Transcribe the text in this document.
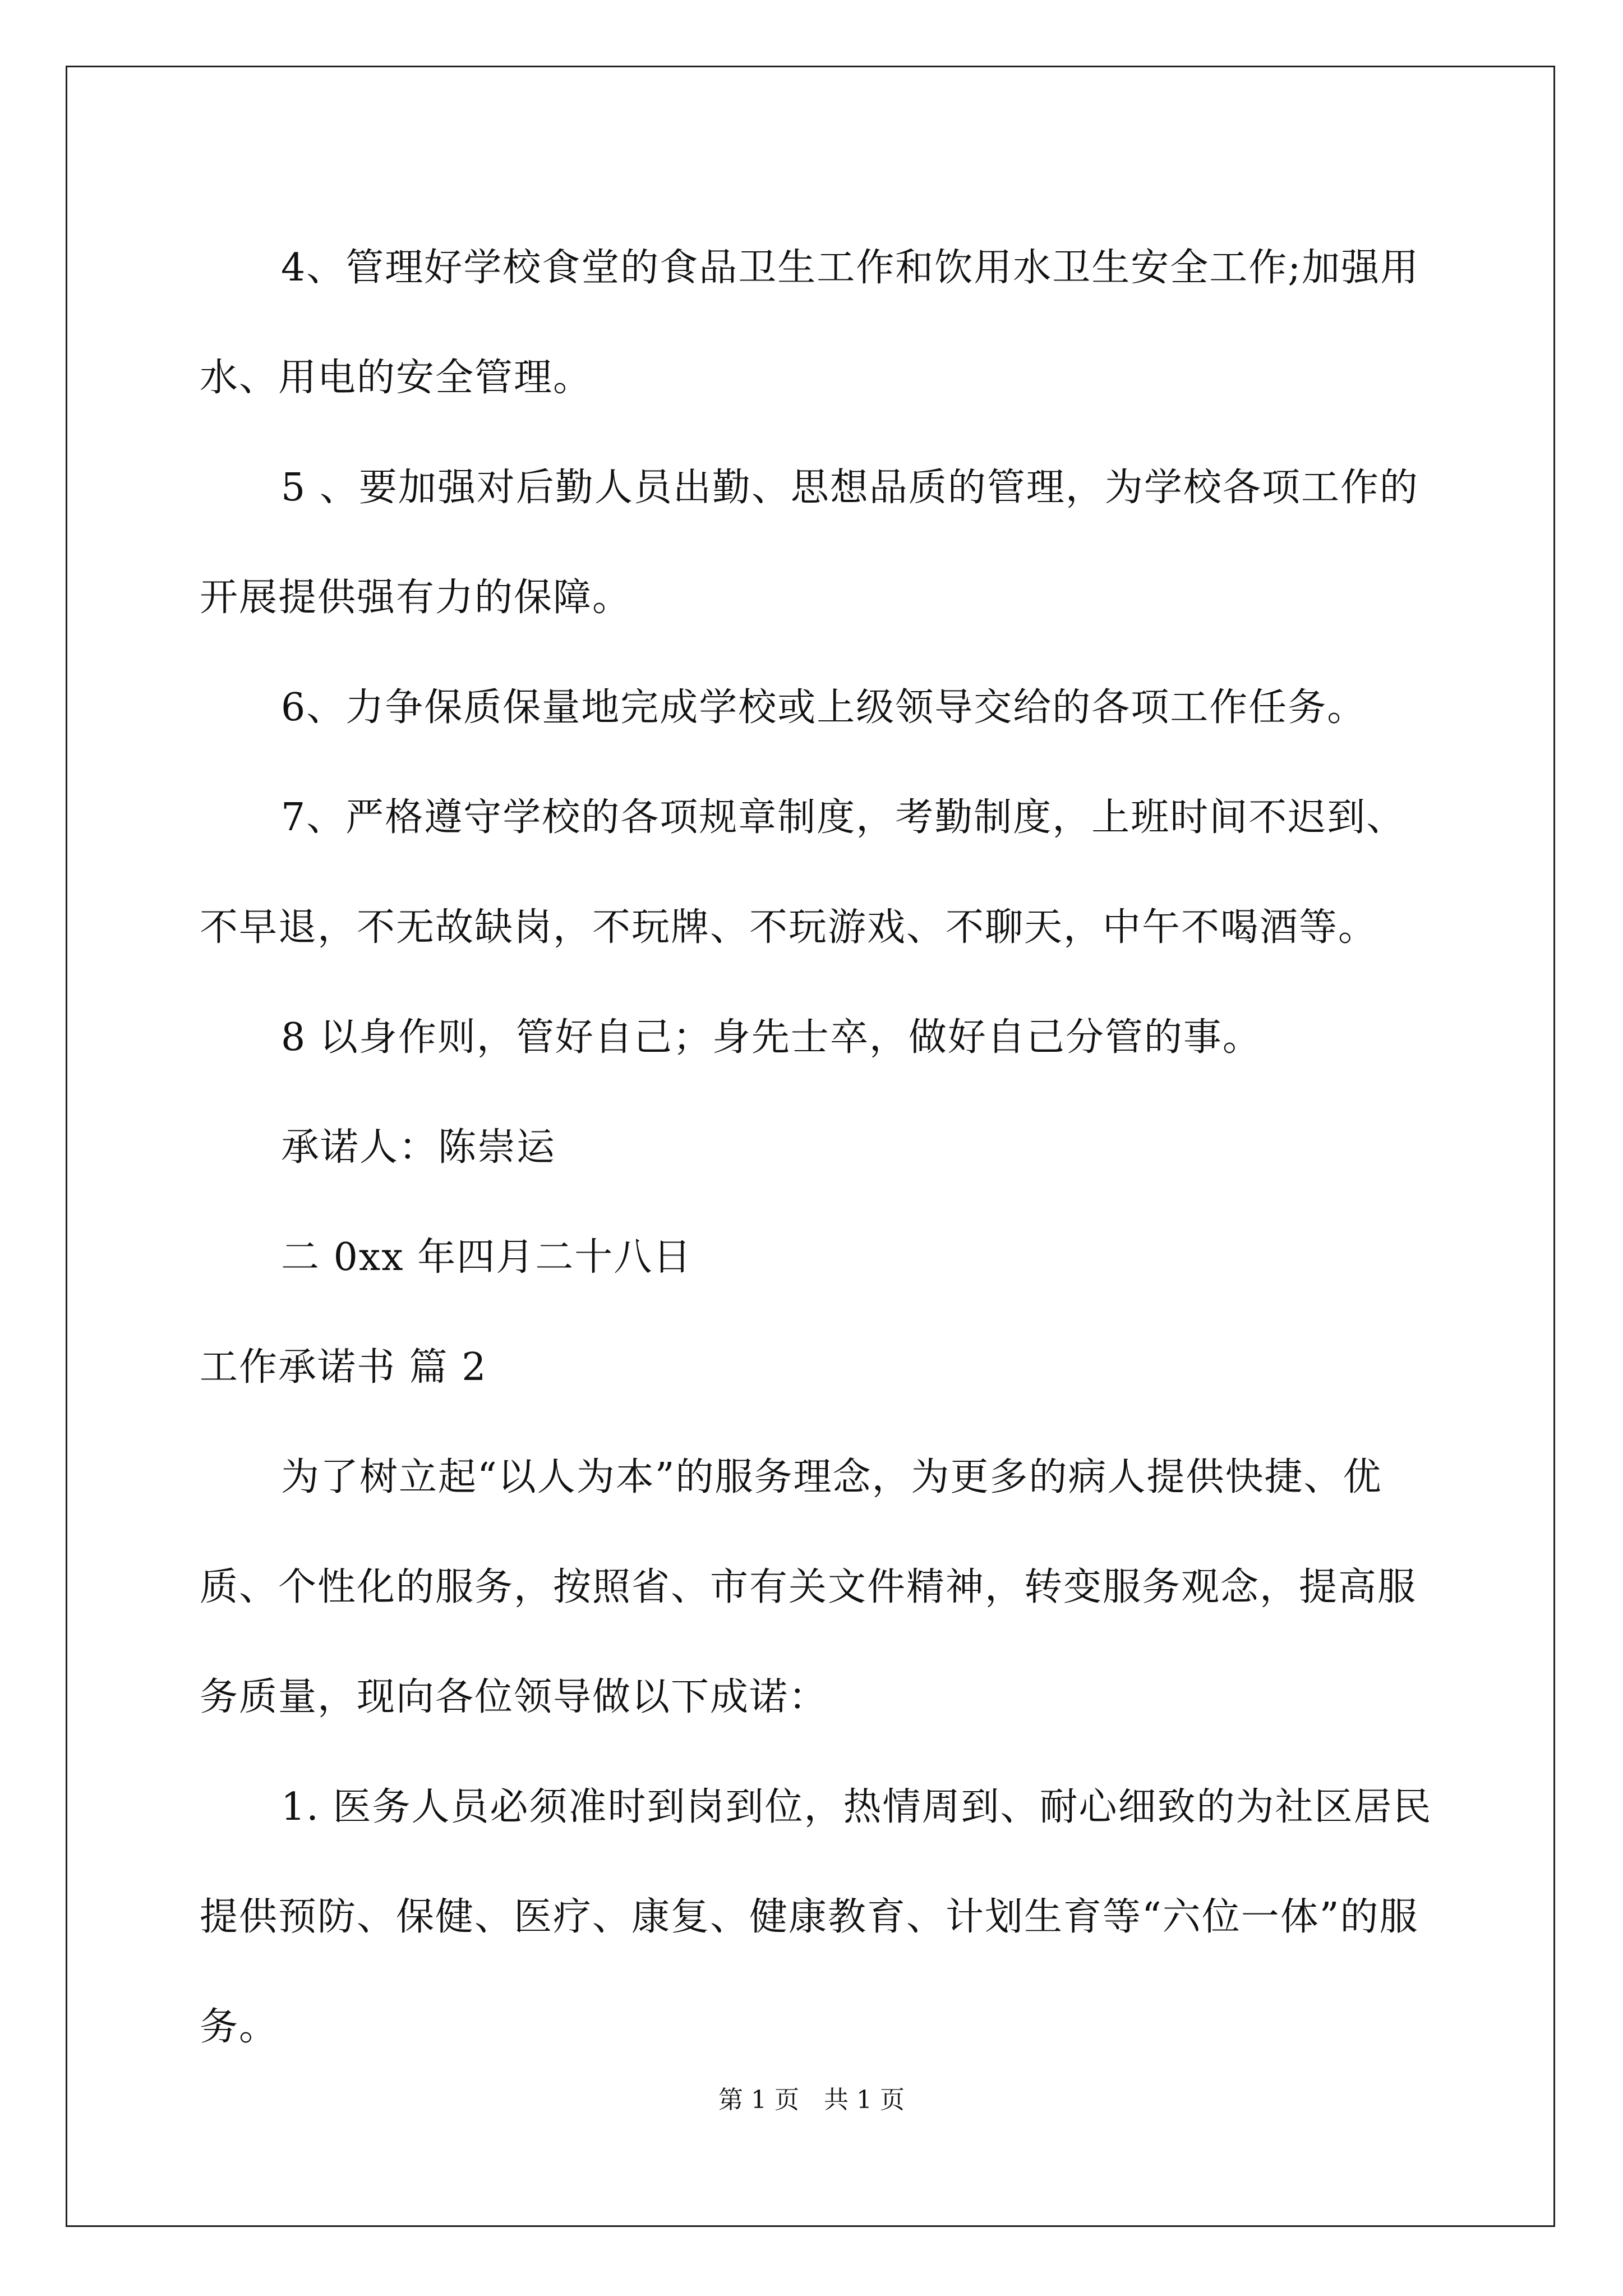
4、管理好学校食堂的食品卫生工作和饮用水卫生安全工作;加强用水、用电的安全管理。

5 、要加强对后勤人员出勤、思想品质的管理，为学校各项工作的开展提供强有力的保障。

6、力争保质保量地完成学校或上级领导交给的各项工作任务。

7、严格遵守学校的各项规章制度，考勤制度，上班时间不迟到、不早退，不无故缺岗，不玩牌、不玩游戏、不聊天，中午不喝酒等。

8 以身作则，管好自己；身先士卒，做好自己分管的事。

承诺人：陈崇运

二 0xx 年四月二十八日

工作承诺书 篇 2

为了树立起“以人为本”的服务理念，为更多的病人提供快捷、优质、个性化的服务，按照省、市有关文件精神，转变服务观念，提高服务质量，现向各位领导做以下成诺：

1. 医务人员必须准时到岗到位，热情周到、耐心细致的为社区居民提供预防、保健、医疗、康复、健康教育、计划生育等“六位一体”的服务。

第 1 页　共 1 页
